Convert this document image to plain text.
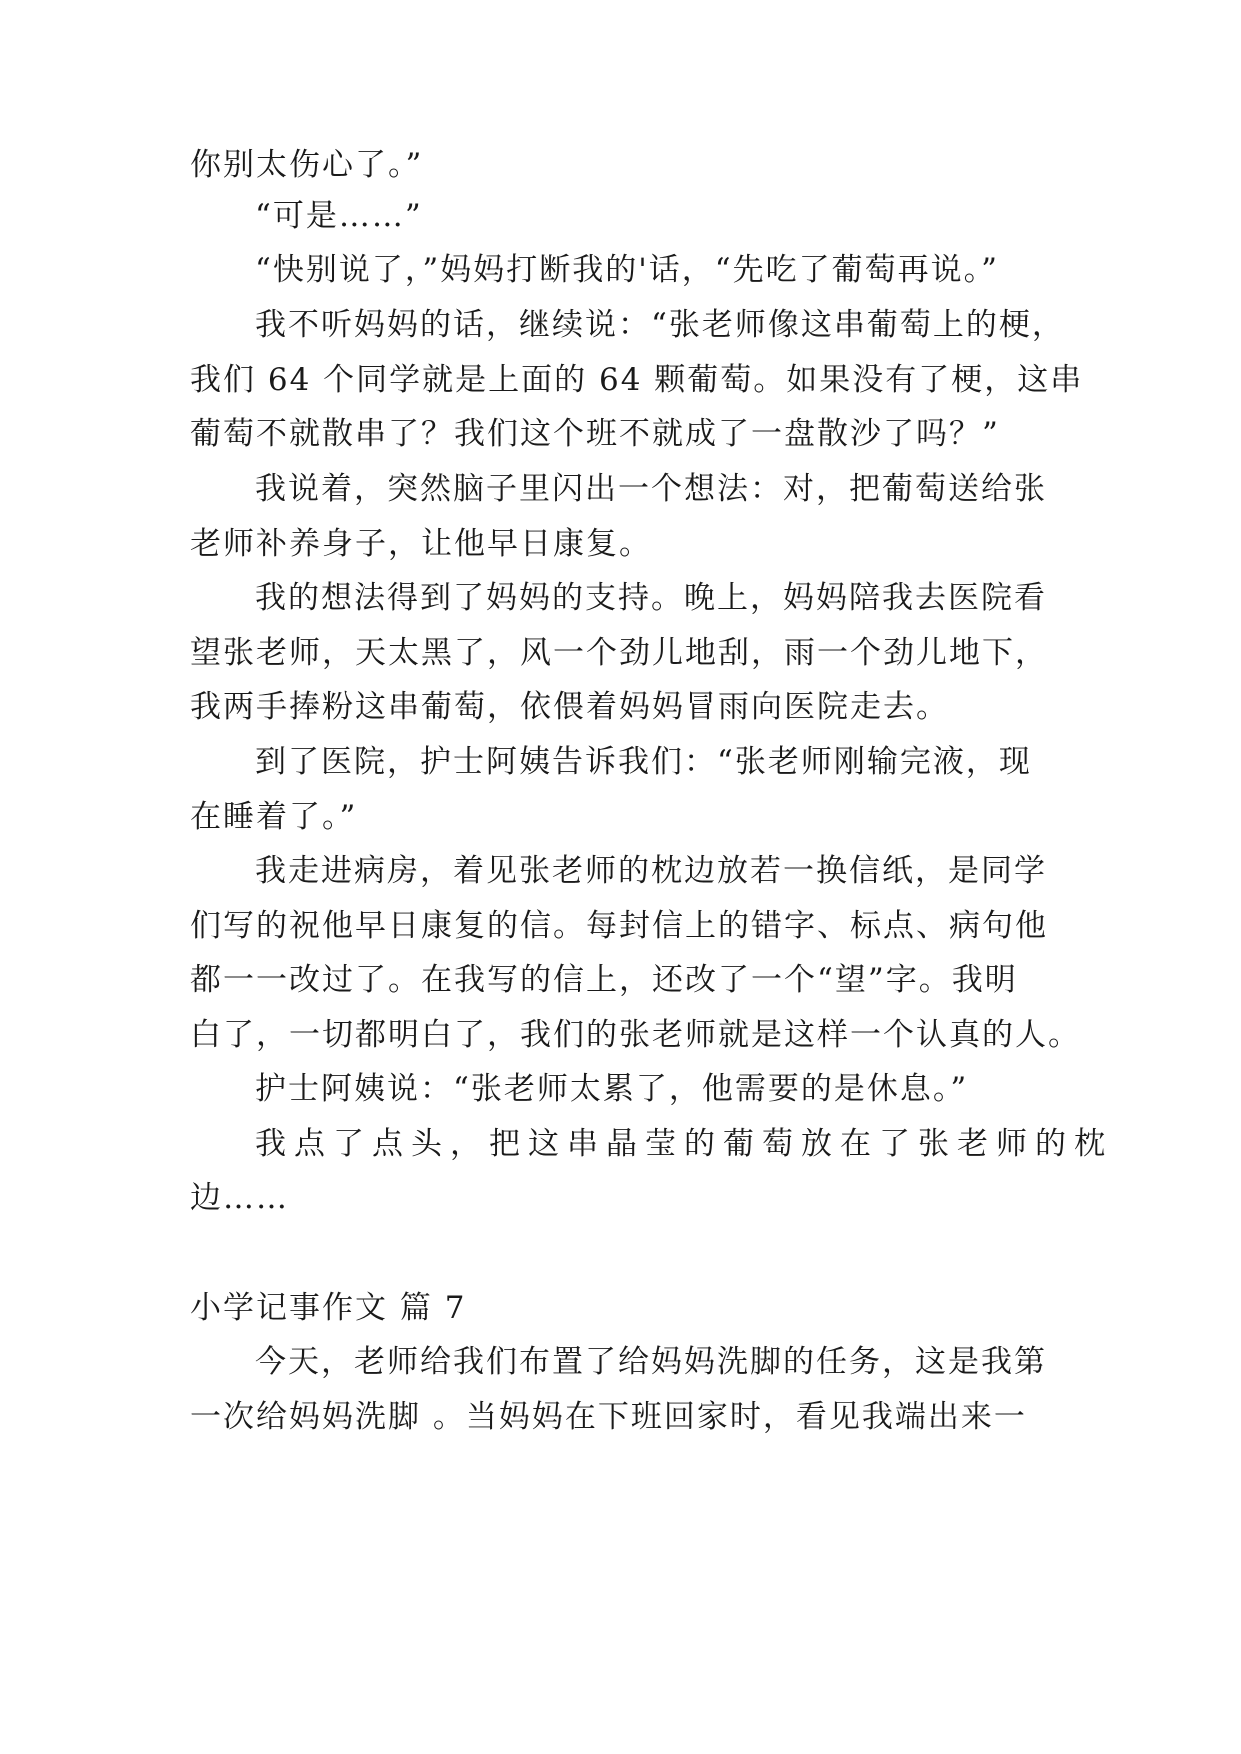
你别太伤心了。”
“可是……”
“快别说了，”妈妈打断我的'话，“先吃了葡萄再说。”
我不听妈妈的话，继续说：“张老师像这串葡萄上的梗，
我们 64 个同学就是上面的 64 颗葡萄。如果没有了梗，这串
葡萄不就散串了？我们这个班不就成了一盘散沙了吗？”
我说着，突然脑子里闪出一个想法：对，把葡萄送给张
老师补养身子，让他早日康复。
我的想法得到了妈妈的支持。晚上，妈妈陪我去医院看
望张老师，天太黑了，风一个劲儿地刮，雨一个劲儿地下，
我两手捧粉这串葡萄，依偎着妈妈冒雨向医院走去。
到了医院，护士阿姨告诉我们：“张老师刚输完液，现
在睡着了。”
我走进病房，着见张老师的枕边放若一换信纸，是同学
们写的祝他早日康复的信。每封信上的错字、标点、病句他
都一一改过了。在我写的信上，还改了一个“望”字。我明
白了，一切都明白了，我们的张老师就是这样一个认真的人。
护士阿姨说：“张老师太累了，他需要的是休息。”
我点了点头，把这串晶莹的葡萄放在了张老师的枕
边……
小学记事作文 篇 7
今天，老师给我们布置了给妈妈洗脚的任务，这是我第
一次给妈妈洗脚 。当妈妈在下班回家时，看见我端出来一
